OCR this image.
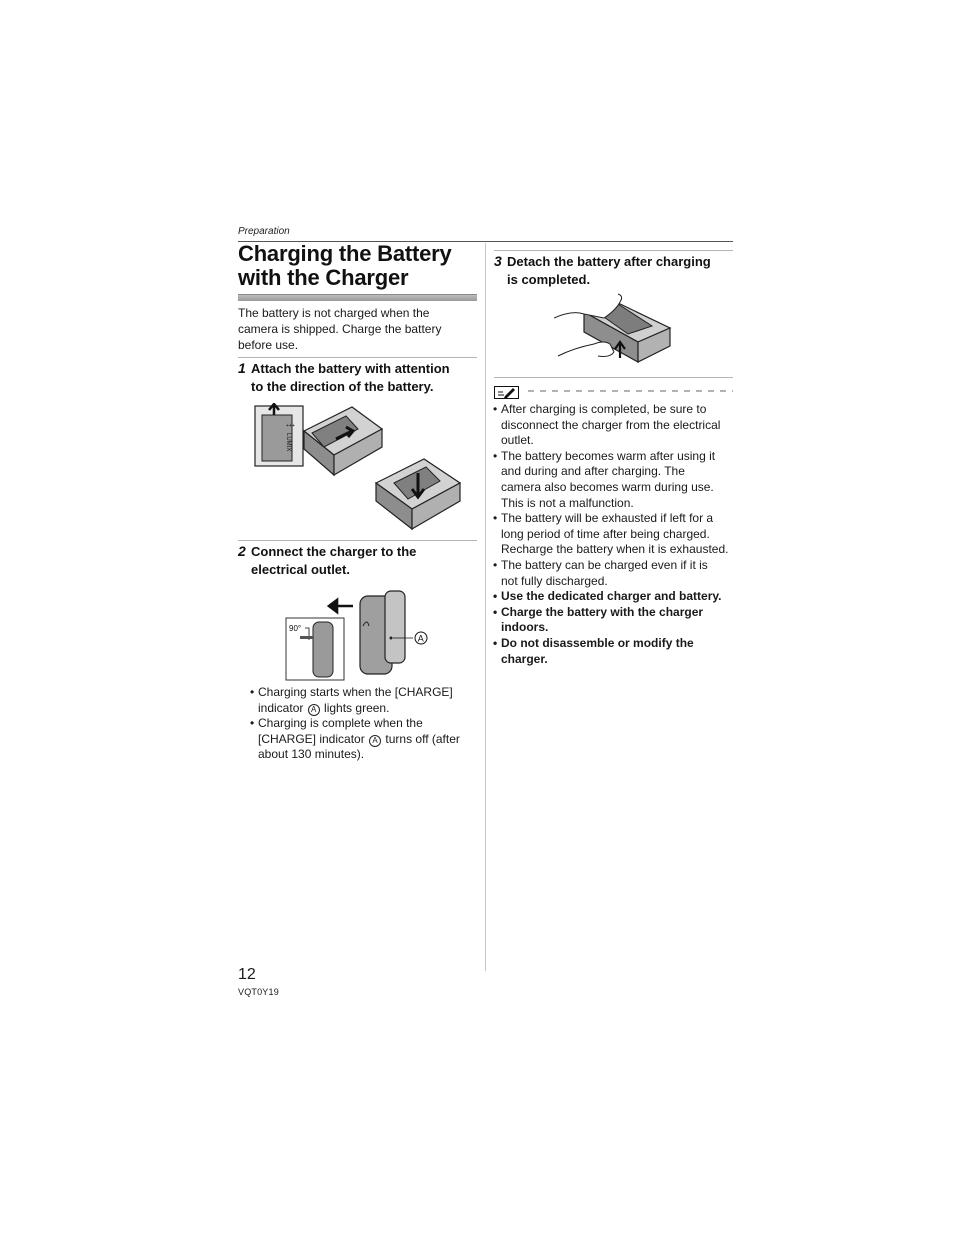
Preparation
Charging the Battery
with the Charger
The battery is not charged when the
camera is shipped. Charge the battery
before use.
1 Attach the battery with attention
to the direction of the battery.
+++
LUMIX
2 Connect the charger to the
electrical outlet.
90°
A
• Charging starts when the [CHARGE]
indicator A lights green.
• Charging is complete when the
[CHARGE] indicator A turns off (after
about 130 minutes).
3 Detach the battery after charging
is completed.
• After charging is completed, be sure to
disconnect the charger from the electrical
outlet.
• The battery becomes warm after using it
and during and after charging. The
camera also becomes warm during use.
This is not a malfunction.
• The battery will be exhausted if left for a
long period of time after being charged.
Recharge the battery when it is exhausted.
• The battery can be charged even if it is
not fully discharged.
• Use the dedicated charger and battery.
• Charge the battery with the charger
indoors.
• Do not disassemble or modify the
charger.
12
VQT0Y19
